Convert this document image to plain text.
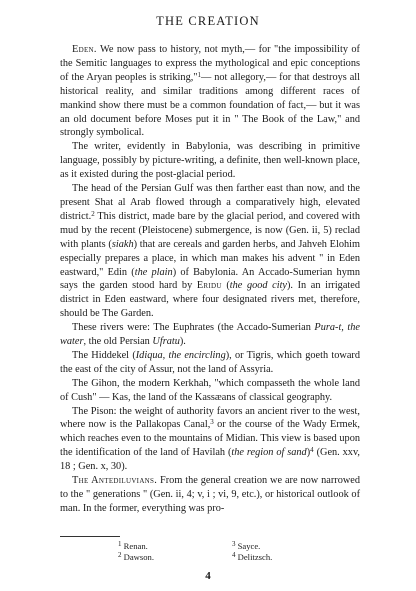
THE CREATION

Eden. We now pass to history, not myth,— for "the impossibility of the Semitic languages to express the mythological and epic conceptions of the Aryan peoples is striking,"$^1$— not allegory,— for that destroys all historical reality, and similar traditions among different races of mankind show there must be a common foundation of fact,— but it was an old document before Moses put it in " The Book of the Law," and strongly symbolical.

The writer, evidently in Babylonia, was describing in primitive language, possibly by picture-writing, a definite, then well-known place, as it existed during the post-glacial period.

The head of the Persian Gulf was then farther east than now, and the present Shat al Arab flowed through a comparatively high, elevated district.$^2$ This district, made bare by the glacial period, and covered with mud by the recent (Pleistocene) submergence, is now (Gen. ii, 5) reclad with plants (siakh) that are cereals and garden herbs, and Jahveh Elohim especially prepares a place, in which man makes his advent " in Eden eastward," Edin (the plain) of Babylonia. An Accado-Sumerian hymn says the garden stood hard by Eridu (the good city). In an irrigated district in Eden eastward, where four designated rivers met, therefore, should be The Garden.

These rivers were: The Euphrates (the Accado-Sumerian Pura-t, the water, the old Persian Ufratu).

The Hiddekel (Idiqua, the encircling), or Tigris, which goeth toward the east of the city of Assur, not the land of Assyria.

The Gihon, the modern Kerkhah, "which compasseth the whole land of Cush" — Kas, the land of the Kassæans of classical geography.

The Pison: the weight of authority favors an ancient river to the west, where now is the Pallakopas Canal,$^3$ or the course of the Wady Ermek, which reaches even to the mountains of Midian. This view is based upon the identification of the land of Havilah (the region of sand)$^4$ (Gen. xxv, 18 ; Gen. x, 30).

The Antediluvians. From the general creation we are now narrowed to the " generations " (Gen. ii, 4; v, i ; vi, 9, etc.), or historical outlook of man. In the former, everything was pro-

$^1$ Renan.	$^3$ Sayce.
$^2$ Dawson.	$^4$ Delitzsch.
4
